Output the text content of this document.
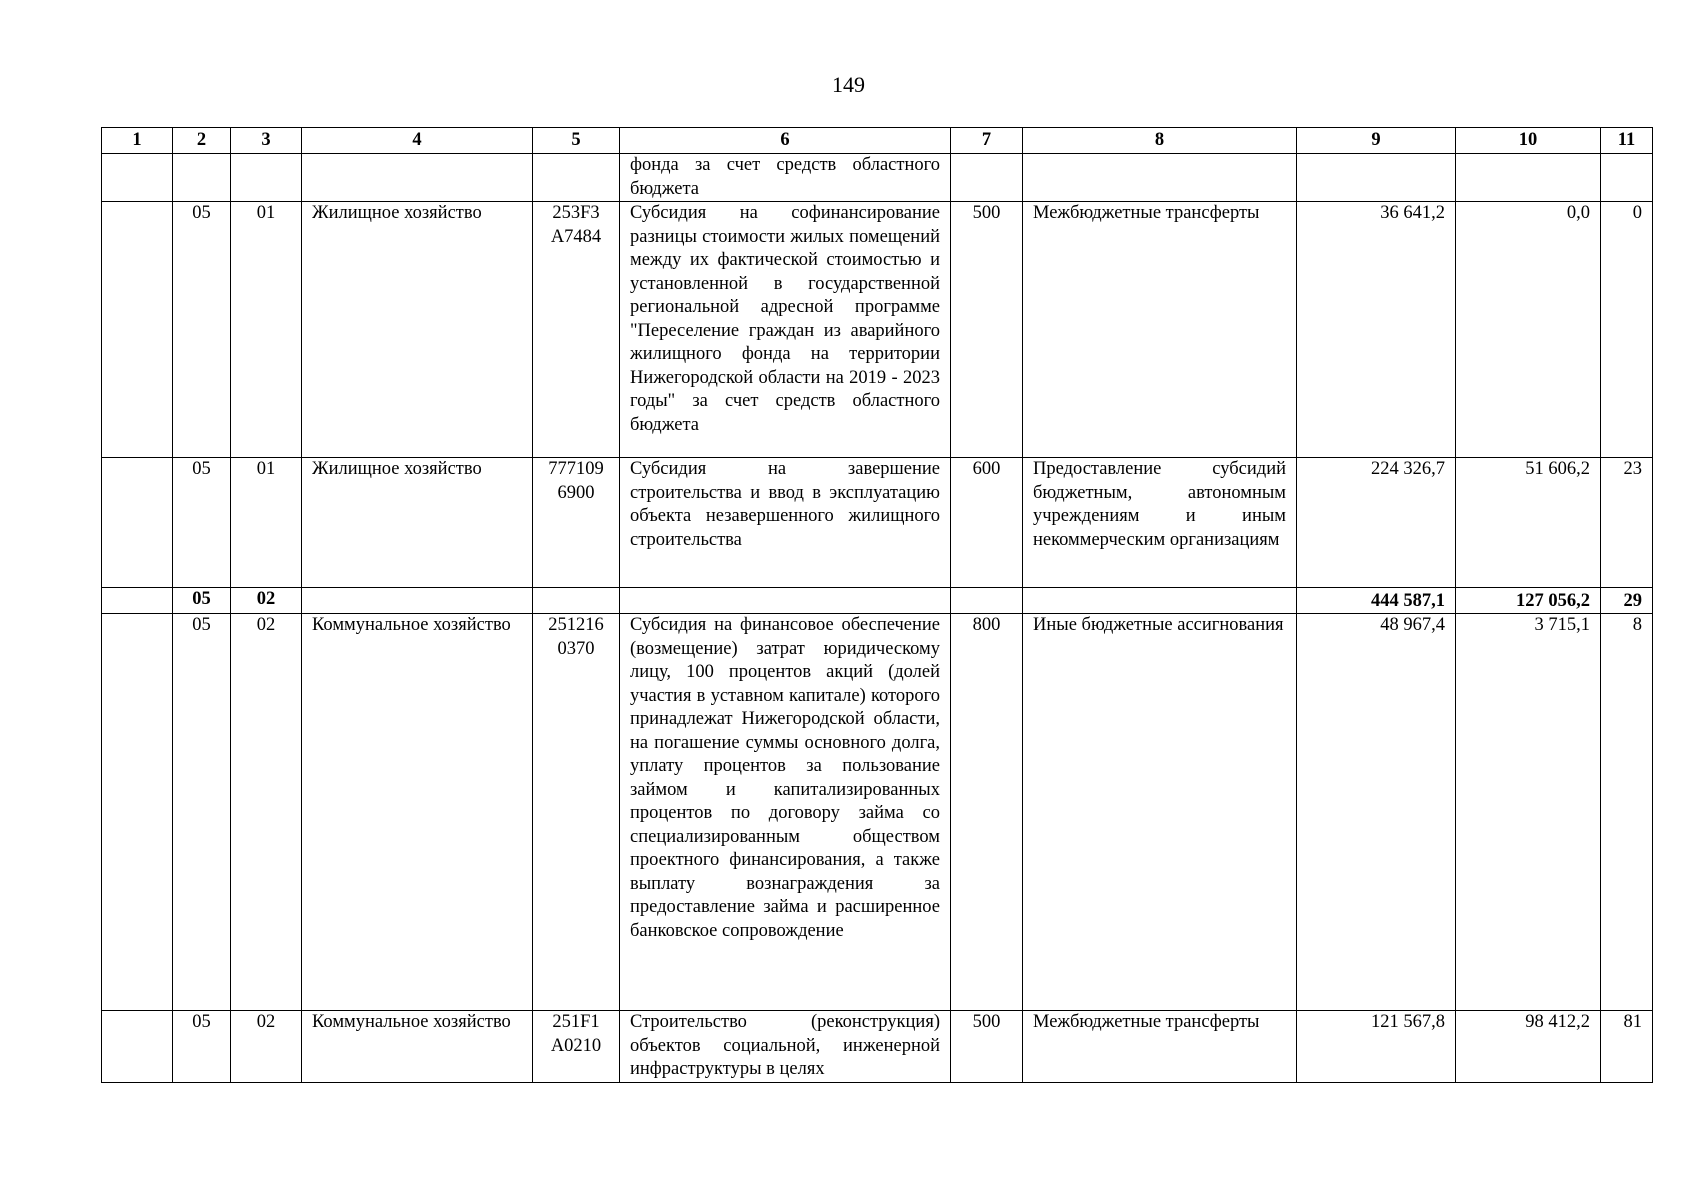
149
1	2	3	4	5	6	7	8	9	10	11
					фонда за счет средств областного бюджета					
	05	01	Жилищное хозяйство	253F3 A7484	Субсидия на софинансирование разницы стоимости жилых помещений между их фактической стоимостью и установленной в государственной региональной адресной программе "Переселение граждан из аварийного жилищного фонда на территории Нижегородской области на 2019 - 2023 годы" за счет средств областного бюджета	500	Межбюджетные трансферты	36 641,2	0,0	0
	05	01	Жилищное хозяйство	777109 6900	Субсидия на завершение строительства и ввод в эксплуатацию объекта незавершенного жилищного строительства	600	Предоставление субсидий бюджетным, автономным учреждениям и иным некоммерческим организациям	224 326,7	51 606,2	23
	05	02						444 587,1	127 056,2	29
	05	02	Коммунальное хозяйство	251216 0370	Субсидия на финансовое обеспечение (возмещение) затрат юридическому лицу, 100 процентов акций (долей участия в уставном капитале) которого принадлежат Нижегородской области, на погашение суммы основного долга, уплату процентов за пользование займом и капитализированных процентов по договору займа со специализированным обществом проектного финансирования, а также выплату вознаграждения за предоставление займа и расширенное банковское сопровождение	800	Иные бюджетные ассигнования	48 967,4	3 715,1	8
	05	02	Коммунальное хозяйство	251F1 A0210	Строительство (реконструкция) объектов социальной, инженерной инфраструктуры в целях	500	Межбюджетные трансферты	121 567,8	98 412,2	81
